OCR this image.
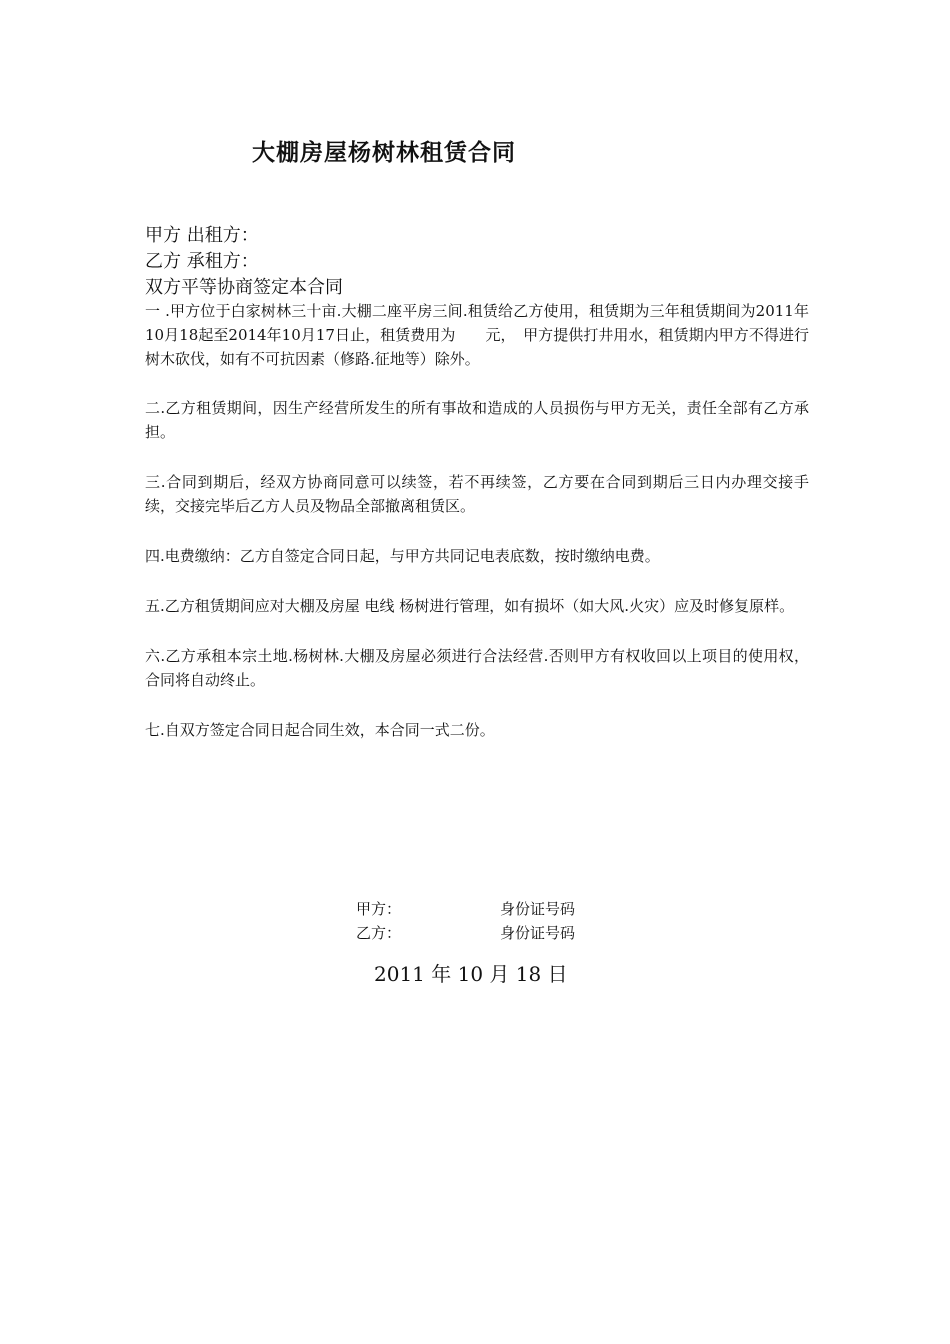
大棚房屋杨树林租赁合同
甲方 出租方：
乙方 承租方：
双方平等协商签定本合同

一 .甲方位于白家树林三十亩.大棚二座平房三间.租赁给乙方使用，租赁期为三年租赁期间为2011年10月18起至2014年10月17日止，租赁费用为　　元，　甲方提供打井用水，租赁期内甲方不得进行树木砍伐，如有不可抗因素（修路.征地等）除外。

二.乙方租赁期间，因生产经营所发生的所有事故和造成的人员损伤与甲方无关，责任全部有乙方承担。

三.合同到期后，经双方协商同意可以续签，若不再续签，乙方要在合同到期后三日内办理交接手续，交接完毕后乙方人员及物品全部撤离租赁区。

四.电费缴纳：乙方自签定合同日起，与甲方共同记电表底数，按时缴纳电费。

五.乙方租赁期间应对大棚及房屋 电线 杨树进行管理，如有损坏（如大风.火灾）应及时修复原样。

六.乙方承租本宗土地.杨树林.大棚及房屋必须进行合法经营.否则甲方有权收回以上项目的使用权，合同将自动终止。

七.自双方签定合同日起合同生效，本合同一式二份。

甲方：	身份证号码
乙方：	身份证号码
2011 年 10 月 18 日
